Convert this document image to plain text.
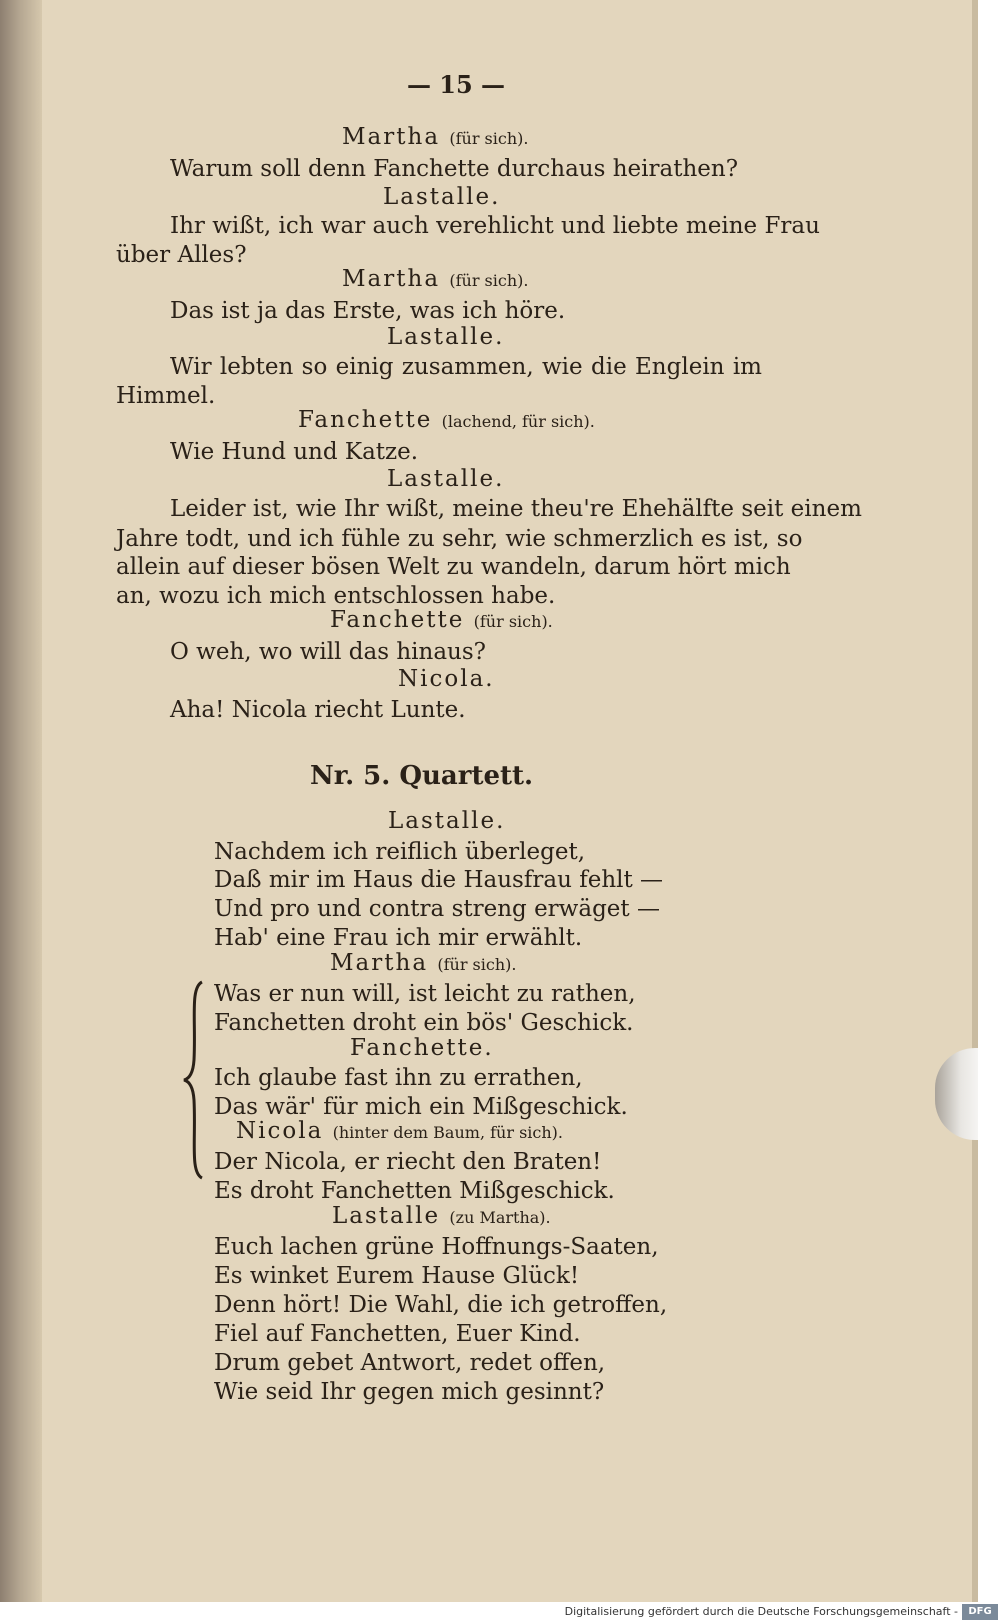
— 15 —
Martha (für sich).
Warum soll denn Fanchette durchaus heirathen?
Lastalle.
Ihr wißt, ich war auch verehlicht und liebte meine Frau
über Alles?
Martha (für sich).
Das ist ja das Erste, was ich höre.
Lastalle.
Wir lebten so einig zusammen, wie die Englein im
Himmel.
Fanchette (lachend, für sich).
Wie Hund und Katze.
Lastalle.
Leider ist, wie Ihr wißt, meine theu're Ehehälfte seit einem
Jahre todt, und ich fühle zu sehr, wie schmerzlich es ist, so
allein auf dieser bösen Welt zu wandeln, darum hört mich
an, wozu ich mich entschlossen habe.
Fanchette (für sich).
O weh, wo will das hinaus?
Nicola.
Aha! Nicola riecht Lunte.
Nr. 5. Quartett.
Lastalle.
Nachdem ich reiflich überleget,
Daß mir im Haus die Hausfrau fehlt —
Und pro und contra streng erwäget —
Hab' eine Frau ich mir erwählt.
Martha (für sich).
Was er nun will, ist leicht zu rathen,
Fanchetten droht ein bös' Geschick.
Fanchette.
Ich glaube fast ihn zu errathen,
Das wär' für mich ein Mißgeschick.
Nicola (hinter dem Baum, für sich).
Der Nicola, er riecht den Braten!
Es droht Fanchetten Mißgeschick.
Lastalle (zu Martha).
Euch lachen grüne Hoffnungs-Saaten,
Es winket Eurem Hause Glück!
Denn hört! Die Wahl, die ich getroffen,
Fiel auf Fanchetten, Euer Kind.
Drum gebet Antwort, redet offen,
Wie seid Ihr gegen mich gesinnt?
Digitalisierung gefördert durch die Deutsche Forschungsgemeinschaft -	DFG
